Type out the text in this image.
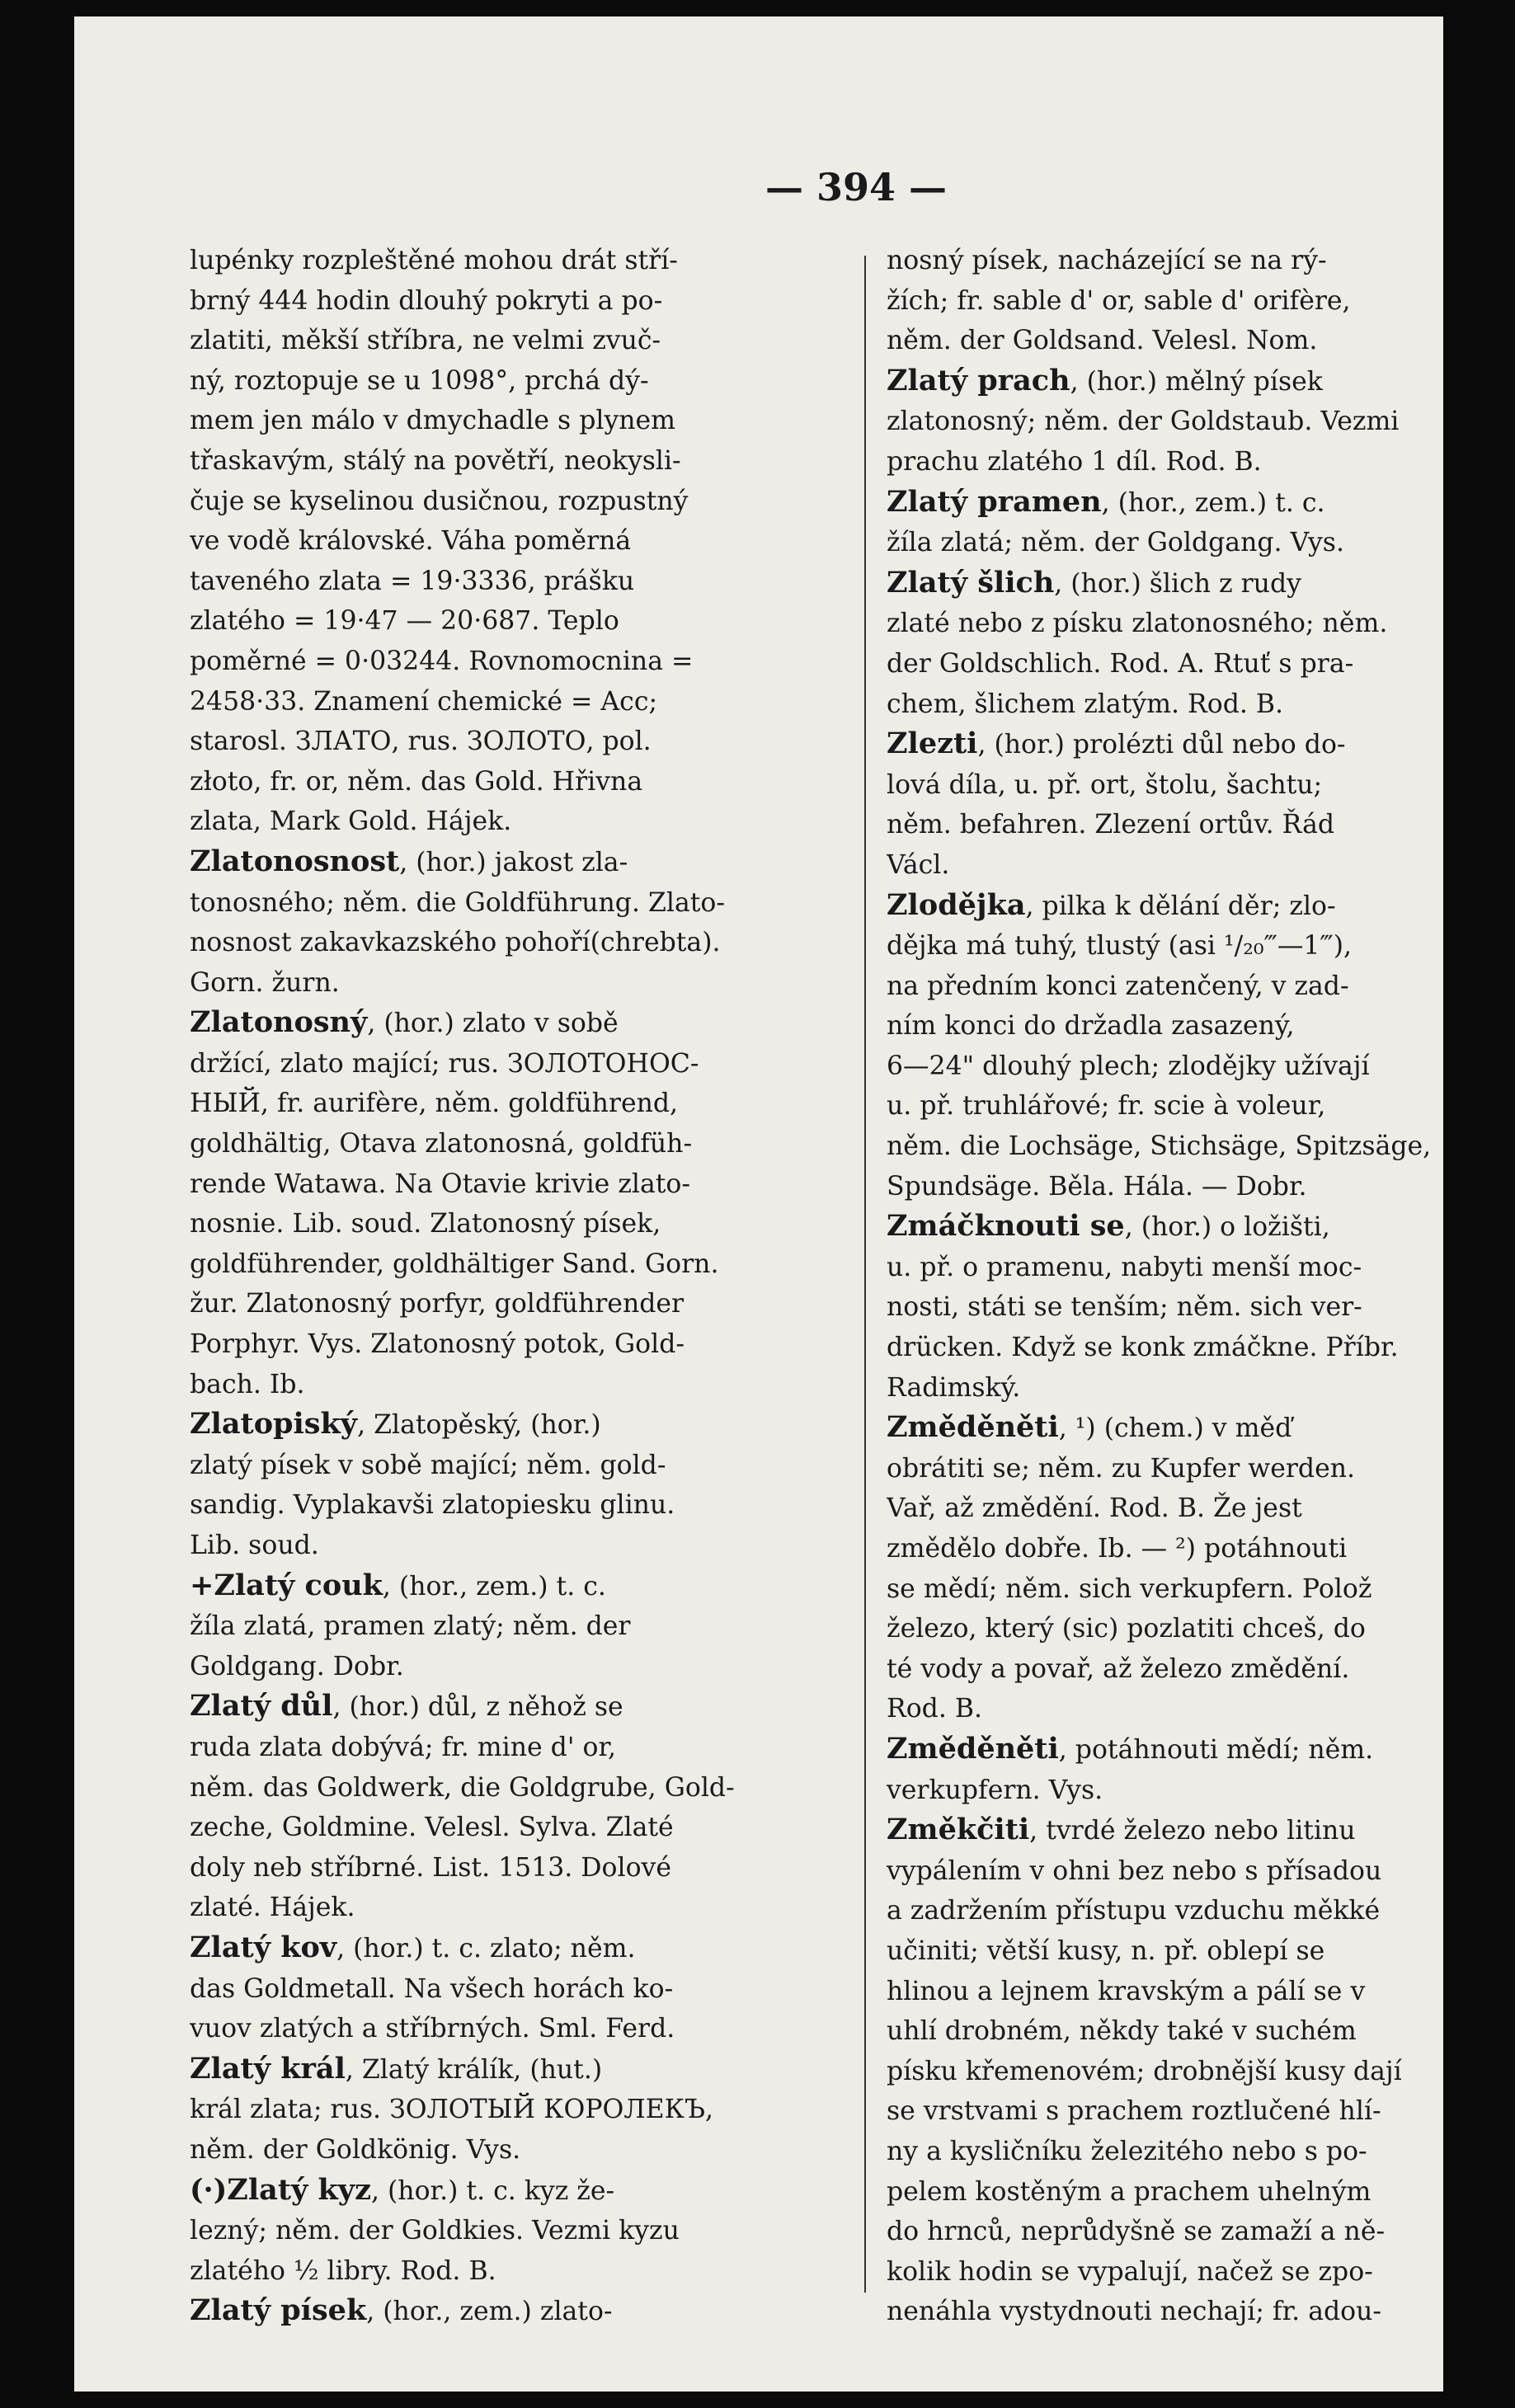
— 394 —
lupénky rozpleštěné mohou drát stří-
brný 444 hodin dlouhý pokryti a po-
zlatiti, měkší stříbra, ne velmi zvuč-
ný, roztopuje se u 1098°, prchá dý-
mem jen málo v dmychadle s plynem
třaskavým, stálý na povětří, neokysli-
čuje se kyselinou dusičnou, rozpustný
ve vodě královské. Váha poměrná
taveného zlata = 19·3336, prášku
zlatého = 19·47 — 20·687. Teplo
poměrné = 0·03244. Rovnomocnina =
2458·33. Znamení chemické = Acc;
starosl. ЗЛАТО, rus. ЗОЛОТО, pol.
złoto, fr. or, něm. das Gold. Hřivna
zlata, Mark Gold. Hájek.
Zlatonosnost, (hor.) jakost zla-
tonosného; něm. die Goldführung. Zlato-
nosnost zakavkazského pohoří(chrebta).
Gorn. žurn.
Zlatonosný, (hor.) zlato v sobě
držící, zlato mající; rus. ЗОЛОТОНОС-
НЫЙ, fr. aurifère, něm. goldführend,
goldhältig, Otava zlatonosná, goldfüh-
rende Watawa. Na Otavie krivie zlato-
nosnie. Lib. soud. Zlatonosný písek,
goldführender, goldhältiger Sand. Gorn.
žur. Zlatonosný porfyr, goldführender
Porphyr. Vys. Zlatonosný potok, Gold-
bach. Ib.
Zlatopiský, Zlatopěský, (hor.)
zlatý písek v sobě mající; něm. gold-
sandig. Vyplakavši zlatopiesku glinu.
Lib. soud.
+Zlatý couk, (hor., zem.) t. c.
žíla zlatá, pramen zlatý; něm. der
Goldgang. Dobr.
Zlatý důl, (hor.) důl, z něhož se
ruda zlata dobývá; fr. mine d' or,
něm. das Goldwerk, die Goldgrube, Gold-
zeche, Goldmine. Velesl. Sylva. Zlaté
doly neb stříbrné. List. 1513. Dolové
zlaté. Hájek.
Zlatý kov, (hor.) t. c. zlato; něm.
das Goldmetall. Na všech horách ko-
vuov zlatých a stříbrných. Sml. Ferd.
Zlatý král, Zlatý králík, (hut.)
král zlata; rus. ЗОЛОТЫЙ КОРОЛЕКЪ,
něm. der Goldkönig. Vys.
(·)Zlatý kyz, (hor.) t. c. kyz že-
lezný; něm. der Goldkies. Vezmi kyzu
zlatého ½ libry. Rod. B.
Zlatý písek, (hor., zem.) zlato-
nosný písek, nacházející se na rý-
žích; fr. sable d' or, sable d' orifère,
něm. der Goldsand. Velesl. Nom.
Zlatý prach, (hor.) mělný písek
zlatonosný; něm. der Goldstaub. Vezmi
prachu zlatého 1 díl. Rod. B.
Zlatý pramen, (hor., zem.) t. c.
žíla zlatá; něm. der Goldgang. Vys.
Zlatý šlich, (hor.) šlich z rudy
zlaté nebo z písku zlatonosného; něm.
der Goldschlich. Rod. A. Rtuť s pra-
chem, šlichem zlatým. Rod. B.
Zlezti, (hor.) prolézti důl nebo do-
lová díla, u. př. ort, štolu, šachtu;
něm. befahren. Zlezení ortův. Řád
Václ.
Zlodějka, pilka k dělání děr; zlo-
dějka má tuhý, tlustý (asi ¹/₂₀‴—1‴),
na předním konci zatenčený, v zad-
ním konci do držadla zasazený,
6—24" dlouhý plech; zlodějky užívají
u. př. truhlářové; fr. scie à voleur,
něm. die Lochsäge, Stichsäge, Spitzsäge,
Spundsäge. Běla. Hála. — Dobr.
Zmáčknouti se, (hor.) o ložišti,
u. př. o pramenu, nabyti menší moc-
nosti, státi se tenším; něm. sich ver-
drücken. Když se konk zmáčkne. Příbr.
Radimský.
Změděněti, ¹) (chem.) v měď
obrátiti se; něm. zu Kupfer werden.
Vař, až změdění. Rod. B. Že jest
změdělo dobře. Ib. — ²) potáhnouti
se mědí; něm. sich verkupfern. Polož
železo, který (sic) pozlatiti chceš, do
té vody a povař, až železo změdění.
Rod. B.
Změděněti, potáhnouti mědí; něm.
verkupfern. Vys.
Změkčiti, tvrdé železo nebo litinu
vypálením v ohni bez nebo s přísadou
a zadržením přístupu vzduchu měkké
učiniti; větší kusy, n. př. oblepí se
hlinou a lejnem kravským a pálí se v
uhlí drobném, někdy také v suchém
písku křemenovém; drobnější kusy dají
se vrstvami s prachem roztlučené hlí-
ny a kysličníku železitého nebo s po-
pelem kostěným a prachem uhelným
do hrnců, neprůdyšně se zamaží a ně-
kolik hodin se vypalují, načež se zpo-
nenáhla vystydnouti nechají; fr. adou-
